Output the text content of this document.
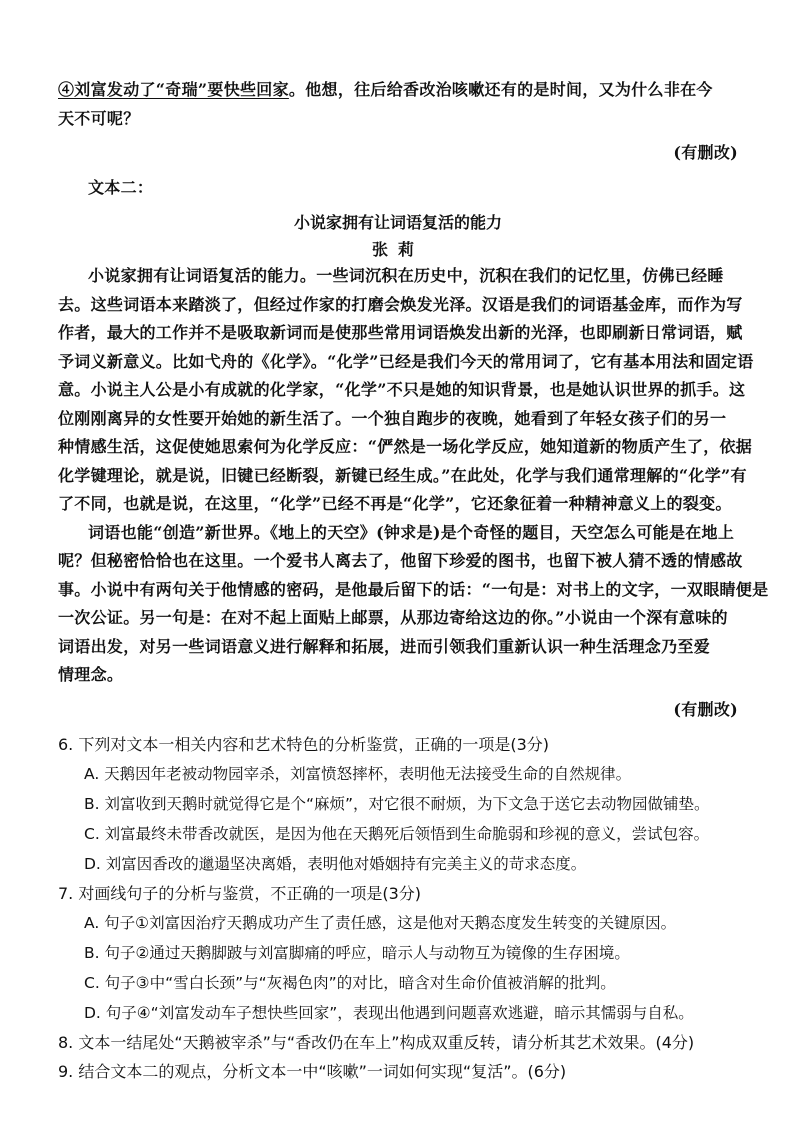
④刘富发动了“奇瑞”要快些回家。他想，往后给香改治咳嗽还有的是时间，又为什么非在今
天不可呢？
(有删改)
文本二：
小说家拥有让词语复活的能力
张莉
小说家拥有让词语复活的能力。一些词沉积在历史中，沉积在我们的记忆里，仿佛已经睡
去。这些词语本来踏淡了，但经过作家的打磨会焕发光泽。汉语是我们的词语基金库，而作为写
作者，最大的工作并不是吸取新词而是使那些常用词语焕发出新的光泽，也即刷新日常词语，赋
予词义新意义。比如弋舟的《化学》。“化学”已经是我们今天的常用词了，它有基本用法和固定语
意。小说主人公是小有成就的化学家，“化学”不只是她的知识背景，也是她认识世界的抓手。这
位刚刚离异的女性要开始她的新生活了。一个独自跑步的夜晚，她看到了年轻女孩子们的另一
种情感生活，这促使她思索何为化学反应：“俨然是一场化学反应，她知道新的物质产生了，依据
化学键理论，就是说，旧键已经断裂，新键已经生成。”在此处，化学与我们通常理解的“化学”有
了不同，也就是说，在这里，“化学”已经不再是“化学”，它还象征着一种精神意义上的裂变。
词语也能“创造”新世界。《地上的天空》(钟求是)是个奇怪的题目，天空怎么可能是在地上
呢？但秘密恰恰也在这里。一个爱书人离去了，他留下珍爱的图书，也留下被人猜不透的情感故
事。小说中有两句关于他情感的密码，是他最后留下的话：“一句是：对书上的文字，一双眼睛便是
一次公证。另一句是：在对不起上面贴上邮票，从那边寄给这边的你。”小说由一个深有意味的
词语出发，对另一些词语意义进行解释和拓展，进而引领我们重新认识一种生活理念乃至爱
情理念。
(有删改)
6. 下列对文本一相关内容和艺术特色的分析鉴赏，正确的一项是(3分)
A. 天鹅因年老被动物园宰杀，刘富愤怒摔杯，表明他无法接受生命的自然规律。
B. 刘富收到天鹅时就觉得它是个“麻烦”，对它很不耐烦，为下文急于送它去动物园做铺垫。
C. 刘富最终未带香改就医，是因为他在天鹅死后领悟到生命脆弱和珍视的意义，尝试包容。
D. 刘富因香改的邋遢坚决离婚，表明他对婚姻持有完美主义的苛求态度。
7. 对画线句子的分析与鉴赏，不正确的一项是(3分)
A. 句子①刘富因治疗天鹅成功产生了责任感，这是他对天鹅态度发生转变的关键原因。
B. 句子②通过天鹅脚跛与刘富脚痛的呼应，暗示人与动物互为镜像的生存困境。
C. 句子③中“雪白长颈”与“灰褐色肉”的对比，暗含对生命价值被消解的批判。
D. 句子④“刘富发动车子想快些回家”，表现出他遇到问题喜欢逃避，暗示其懦弱与自私。
8. 文本一结尾处“天鹅被宰杀”与“香改仍在车上”构成双重反转，请分析其艺术效果。(4分)
9. 结合文本二的观点，分析文本一中“咳嗽”一词如何实现“复活”。(6分)
